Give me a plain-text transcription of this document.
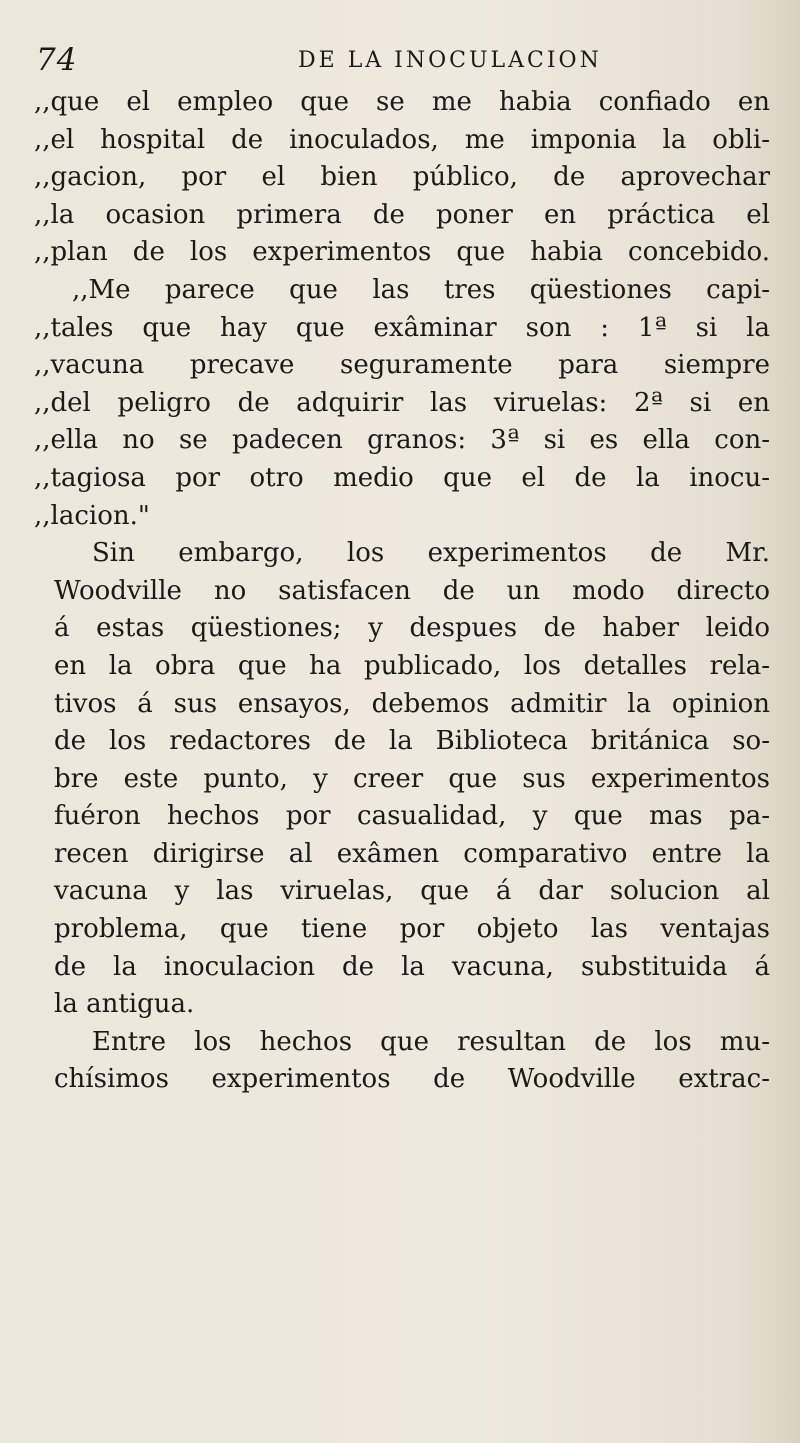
74	DE LA INOCULACION
,,que el empleo que se me habia confiado en
,,el hospital de inoculados, me imponia la obli-
,,gacion, por el bien público, de aprovechar
,,la ocasion primera de poner en práctica el
,,plan de los experimentos que habia concebido.
,,Me parece que las tres qüestiones capi-
,,tales que hay que exâminar son : 1ª si la
,,vacuna precave seguramente para siempre
,,del peligro de adquirir las viruelas: 2ª si en
,,ella no se padecen granos: 3ª si es ella con-
,,tagiosa por otro medio que el de la inocu-
,,lacion."
Sin embargo, los experimentos de Mr.
Woodville no satisfacen de un modo directo
á estas qüestiones; y despues de haber leido
en la obra que ha publicado, los detalles rela-
tivos á sus ensayos, debemos admitir la opinion
de los redactores de la Biblioteca británica so-
bre este punto, y creer que sus experimentos
fuéron hechos por casualidad, y que mas pa-
recen dirigirse al exâmen comparativo entre la
vacuna y las viruelas, que á dar solucion al
problema, que tiene por objeto las ventajas
de la inoculacion de la vacuna, substituida á
la antigua.
Entre los hechos que resultan de los mu-
chísimos experimentos de Woodville extrac-
